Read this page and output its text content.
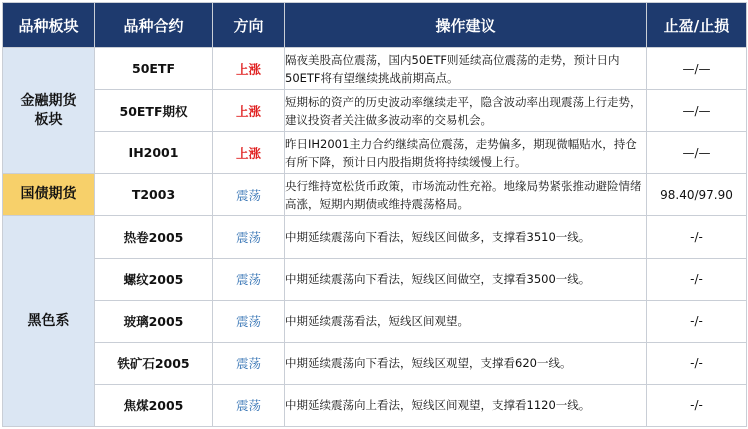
品种板块	品种合约	方向	操作建议	止盈/止损
金融期货
板块	50ETF	上涨	隔夜美股高位震荡，国内50ETF则延续高位震荡的走势，预计日内50ETF将有望继续挑战前期高点。	—/—
	50ETF期权	上涨	短期标的资产的历史波动率继续走平，隐含波动率出现震荡上行走势，建议投资者关注做多波动率的交易机会。	—/—
	IH2001	上涨	昨日IH2001主力合约继续高位震荡，走势偏多，期现微幅贴水，持仓有所下降，预计日内股指期货将持续缓慢上行。	—/—
国债期货	T2003	震荡	央行维持宽松货币政策，市场流动性充裕。地缘局势紧张推动避险情绪高涨，短期内期债或维持震荡格局。	98.40/97.90
黑色系	热卷2005	震荡	中期延续震荡向下看法，短线区间做多，支撑看3510一线。	-/-
	螺纹2005	震荡	中期延续震荡向下看法，短线区间做空，支撑看3500一线。	-/-
	玻璃2005	震荡	中期延续震荡看法，短线区间观望。	-/-
	铁矿石2005	震荡	中期延续震荡向下看法，短线区观望，支撑看620一线。	-/-
	焦煤2005	震荡	中期延续震荡向上看法，短线区间观望，支撑看1120一线。	-/-
